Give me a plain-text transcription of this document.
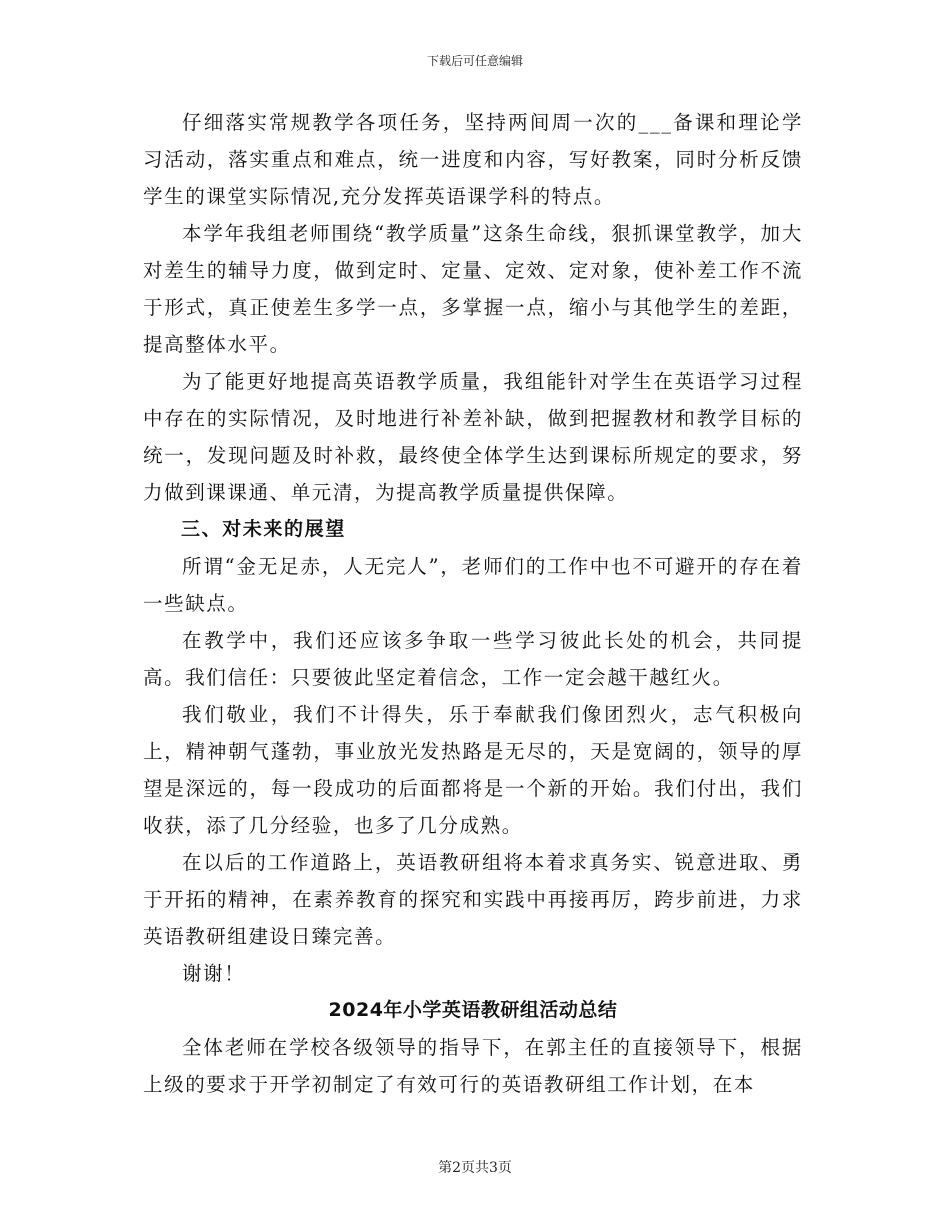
下载后可任意编辑

仔细落实常规教学各项任务，坚持两间周一次的___备课和理论学习活动，落实重点和难点，统一进度和内容，写好教案，同时分析反馈学生的课堂实际情况,充分发挥英语课学科的特点。

本学年我组老师围绕“教学质量”这条生命线，狠抓课堂教学，加大对差生的辅导力度，做到定时、定量、定效、定对象，使补差工作不流于形式，真正使差生多学一点，多掌握一点，缩小与其他学生的差距，提高整体水平。

为了能更好地提高英语教学质量，我组能针对学生在英语学习过程中存在的实际情况，及时地进行补差补缺，做到把握教材和教学目标的统一，发现问题及时补救，最终使全体学生达到课标所规定的要求，努力做到课课通、单元清，为提高教学质量提供保障。

三、对未来的展望

所谓“金无足赤，人无完人”，老师们的工作中也不可避开的存在着一些缺点。

在教学中，我们还应该多争取一些学习彼此长处的机会，共同提高。我们信任：只要彼此坚定着信念，工作一定会越干越红火。

我们敬业，我们不计得失，乐于奉献我们像团烈火，志气积极向上，精神朝气蓬勃，事业放光发热路是无尽的，天是宽阔的，领导的厚望是深远的，每一段成功的后面都将是一个新的开始。我们付出，我们收获，添了几分经验，也多了几分成熟。

在以后的工作道路上，英语教研组将本着求真务实、锐意进取、勇于开拓的精神，在素养教育的探究和实践中再接再厉，跨步前进，力求英语教研组建设日臻完善。

谢谢！

2024年小学英语教研组活动总结

全体老师在学校各级领导的指导下，在郭主任的直接领导下，根据上级的要求于开学初制定了有效可行的英语教研组工作计划，在本

第2页共3页
